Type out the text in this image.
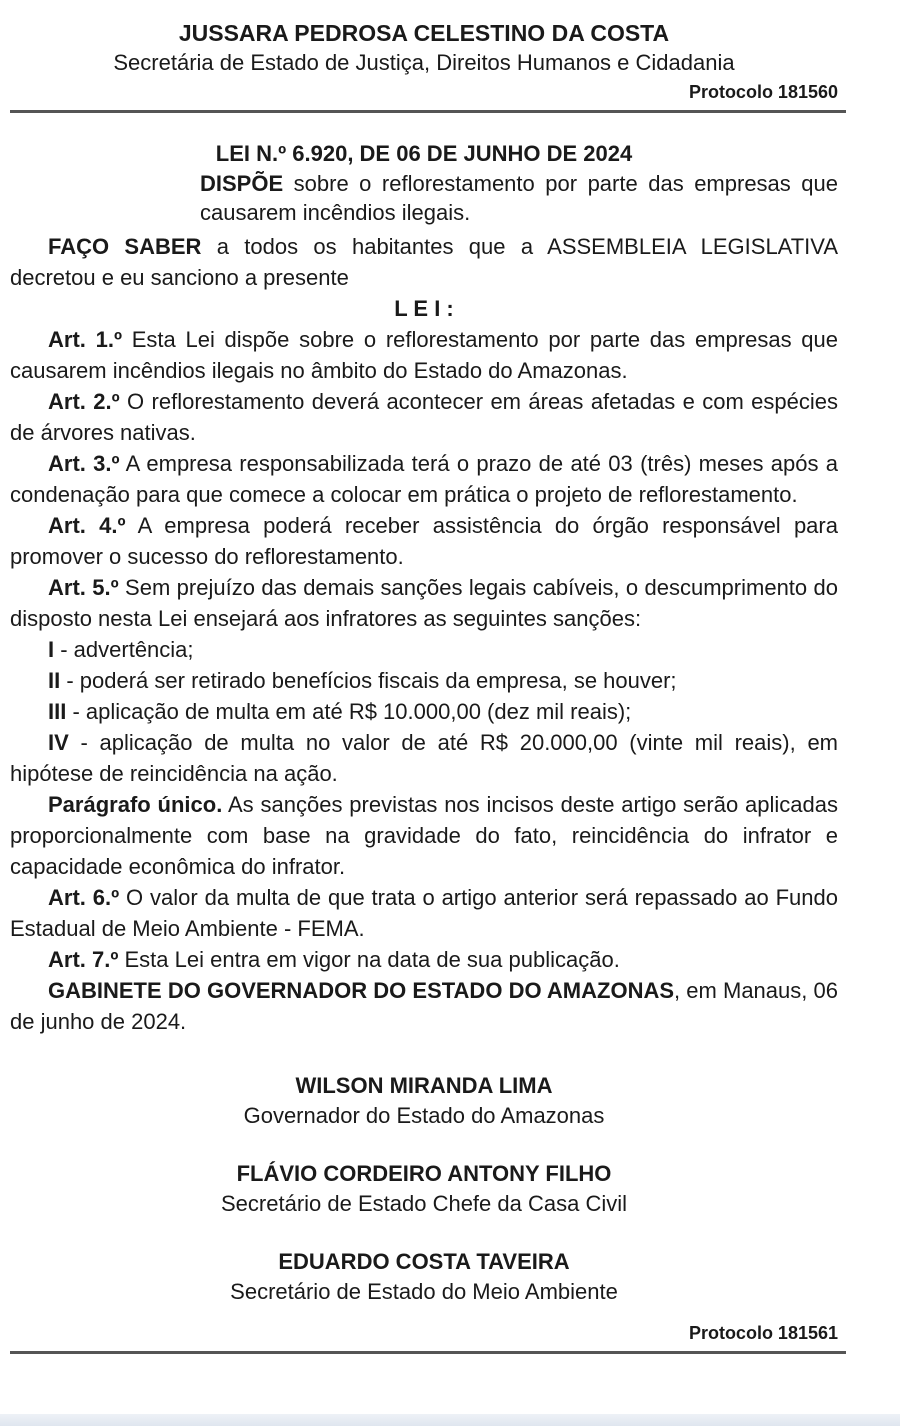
JUSSARA PEDROSA CELESTINO DA COSTA
Secretária de Estado de Justiça, Direitos Humanos e Cidadania
Protocolo 181560
LEI N.º 6.920, DE 06 DE JUNHO DE 2024

DISPÕE sobre o reflorestamento por parte das empresas que causarem incêndios ilegais.

FAÇO SABER a todos os habitantes que a ASSEMBLEIA LEGISLATIVA decretou e eu sanciono a presente

L E I :

Art. 1.º Esta Lei dispõe sobre o reflorestamento por parte das empresas que causarem incêndios ilegais no âmbito do Estado do Amazonas.

Art. 2.º O reflorestamento deverá acontecer em áreas afetadas e com espécies de árvores nativas.

Art. 3.º A empresa responsabilizada terá o prazo de até 03 (três) meses após a condenação para que comece a colocar em prática o projeto de reflorestamento.

Art. 4.º A empresa poderá receber assistência do órgão responsável para promover o sucesso do reflorestamento.

Art. 5.º Sem prejuízo das demais sanções legais cabíveis, o descumprimento do disposto nesta Lei ensejará aos infratores as seguintes sanções:

I - advertência;

II - poderá ser retirado benefícios fiscais da empresa, se houver;

III - aplicação de multa em até R$ 10.000,00 (dez mil reais);

IV - aplicação de multa no valor de até R$ 20.000,00 (vinte mil reais), em hipótese de reincidência na ação.

Parágrafo único. As sanções previstas nos incisos deste artigo serão aplicadas proporcionalmente com base na gravidade do fato, reincidência do infrator e capacidade econômica do infrator.

Art. 6.º O valor da multa de que trata o artigo anterior será repassado ao Fundo Estadual de Meio Ambiente - FEMA.

Art. 7.º Esta Lei entra em vigor na data de sua publicação.

GABINETE DO GOVERNADOR DO ESTADO DO AMAZONAS, em Manaus, 06 de junho de 2024.

WILSON MIRANDA LIMA
Governador do Estado do Amazonas
FLÁVIO CORDEIRO ANTONY FILHO
Secretário de Estado Chefe da Casa Civil
EDUARDO COSTA TAVEIRA
Secretário de Estado do Meio Ambiente
Protocolo 181561
